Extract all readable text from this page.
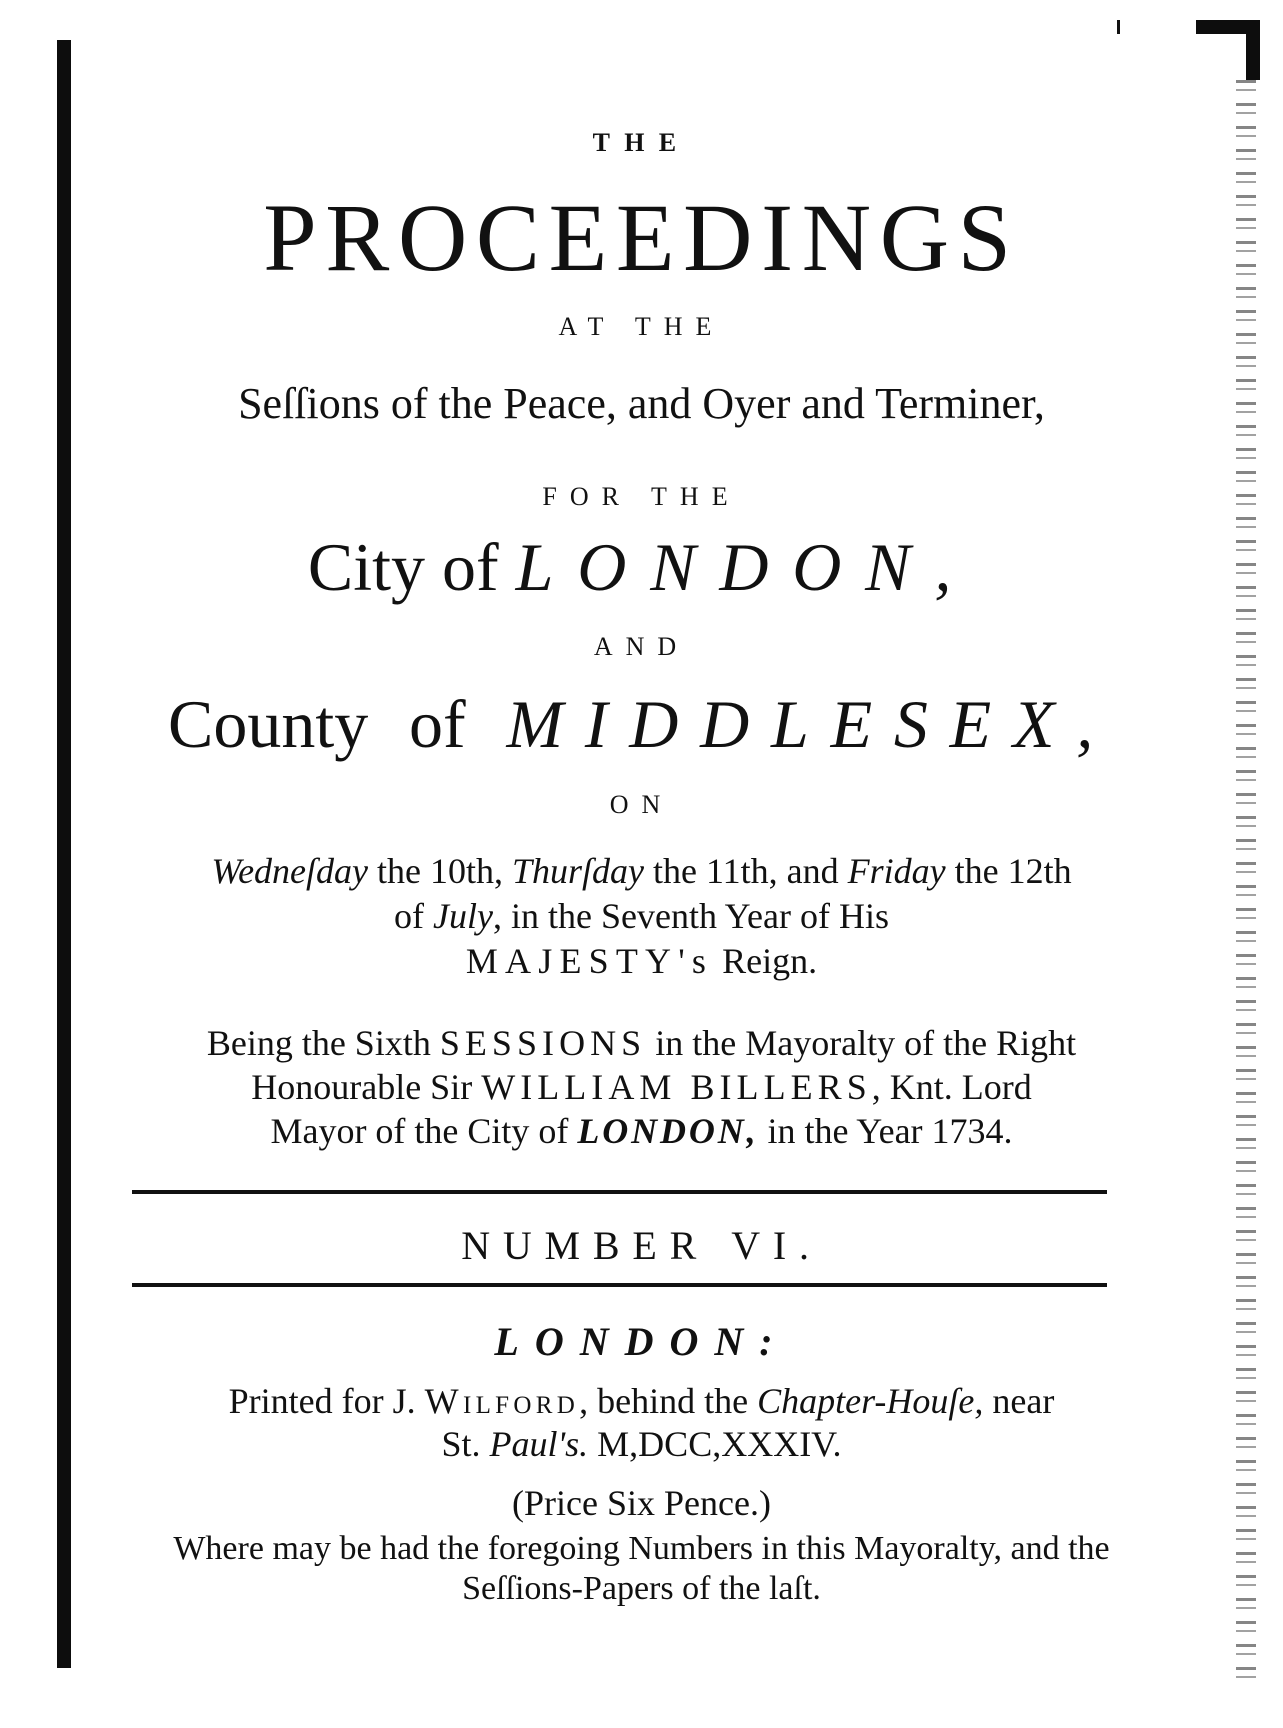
THE
PROCEEDINGS
AT THE
Seſſions of the Peace, and Oyer and Terminer,
FOR THE
City of LONDON,
AND
County of MIDDLESEX,
ON
Wedneſday the 10th, Thurſday the 11th, and Friday the 12th
of July, in the Seventh Year of His
MAJESTY's Reign.
Being the Sixth SESSIONS in the Mayoralty of the Right
Honourable Sir WILLIAM BILLERS, Knt. Lord
Mayor of the City of LONDON, in the Year 1734.
NUMBER VI.
LONDON:
Printed for J. Wilford, behind the Chapter-Houſe, near
St. Paul's. M,DCC,XXXIV.
(Price Six Pence.)
Where may be had the foregoing Numbers in this Mayoralty, and the
Seſſions-Papers of the laſt.
